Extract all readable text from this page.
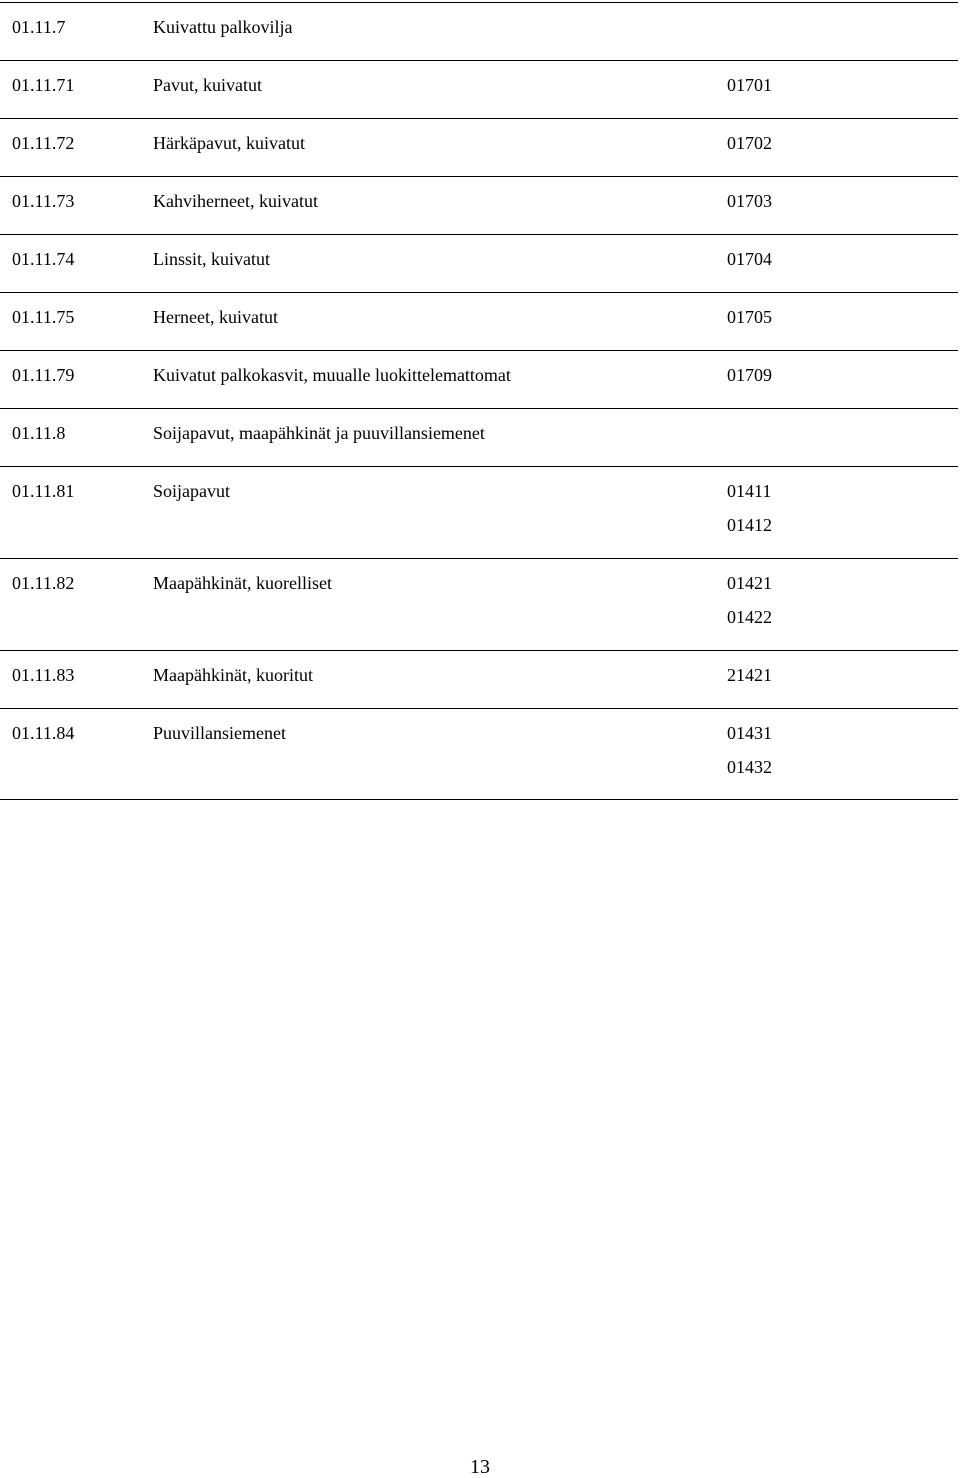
01.11.7	Kuivattu palkovilja
01.11.71	Pavut, kuivatut	01701
01.11.72	Härkäpavut, kuivatut	01702
01.11.73	Kahviherneet, kuivatut	01703
01.11.74	Linssit, kuivatut	01704
01.11.75	Herneet, kuivatut	01705
01.11.79	Kuivatut palkokasvit, muualle luokittelemattomat	01709
01.11.8	Soijapavut, maapähkinät ja puuvillansiemenet
01.11.81	Soijapavut	01411
01412
01.11.82	Maapähkinät, kuorelliset	01421
01422
01.11.83	Maapähkinät, kuoritut	21421
01.11.84	Puuvillansiemenet	01431
01432
13
